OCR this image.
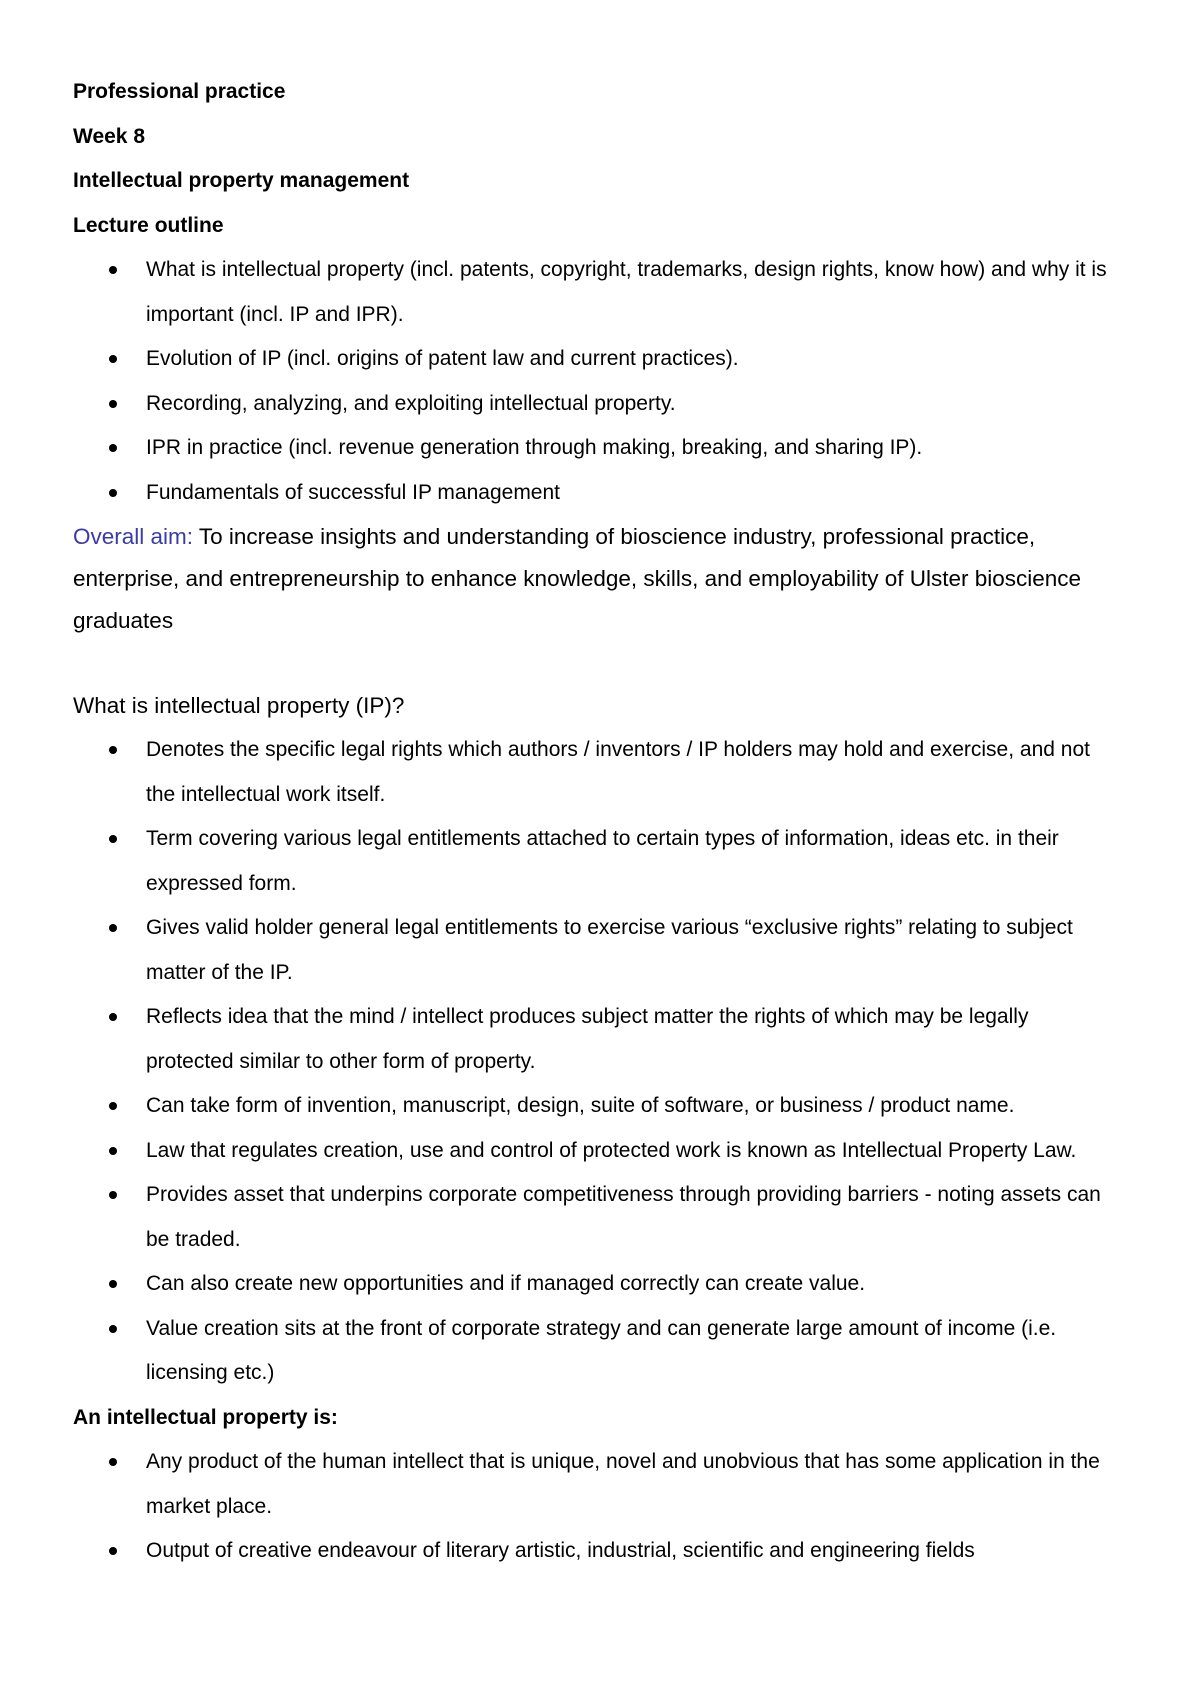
Professional practice
Week 8
Intellectual property management
Lecture outline
What is intellectual property (incl. patents, copyright, trademarks, design rights, know how) and why it is important (incl. IP and IPR).
Evolution of IP (incl. origins of patent law and current practices).
Recording, analyzing, and exploiting intellectual property.
IPR in practice (incl. revenue generation through making, breaking, and sharing IP).
Fundamentals of successful IP management
Overall aim: To increase insights and understanding of bioscience industry, professional practice, enterprise, and entrepreneurship to enhance knowledge, skills, and employability of Ulster bioscience graduates
What is intellectual property (IP)?
Denotes the specific legal rights which authors / inventors / IP holders may hold and exercise, and not the intellectual work itself.
Term covering various legal entitlements attached to certain types of information, ideas etc. in their expressed form.
Gives valid holder general legal entitlements to exercise various “exclusive rights” relating to subject matter of the IP.
Reflects idea that the mind / intellect produces subject matter the rights of which may be legally protected similar to other form of property.
Can take form of invention, manuscript, design, suite of software, or business / product name.
Law that regulates creation, use and control of protected work is known as Intellectual Property Law.
Provides asset that underpins corporate competitiveness through providing barriers - noting assets can be traded.
Can also create new opportunities and if managed correctly can create value.
Value creation sits at the front of corporate strategy and can generate large amount of income (i.e. licensing etc.)
An intellectual property is:
Any product of the human intellect that is unique, novel and unobvious that has some application in the market place.
Output of creative endeavour of literary artistic, industrial, scientific and engineering fields
